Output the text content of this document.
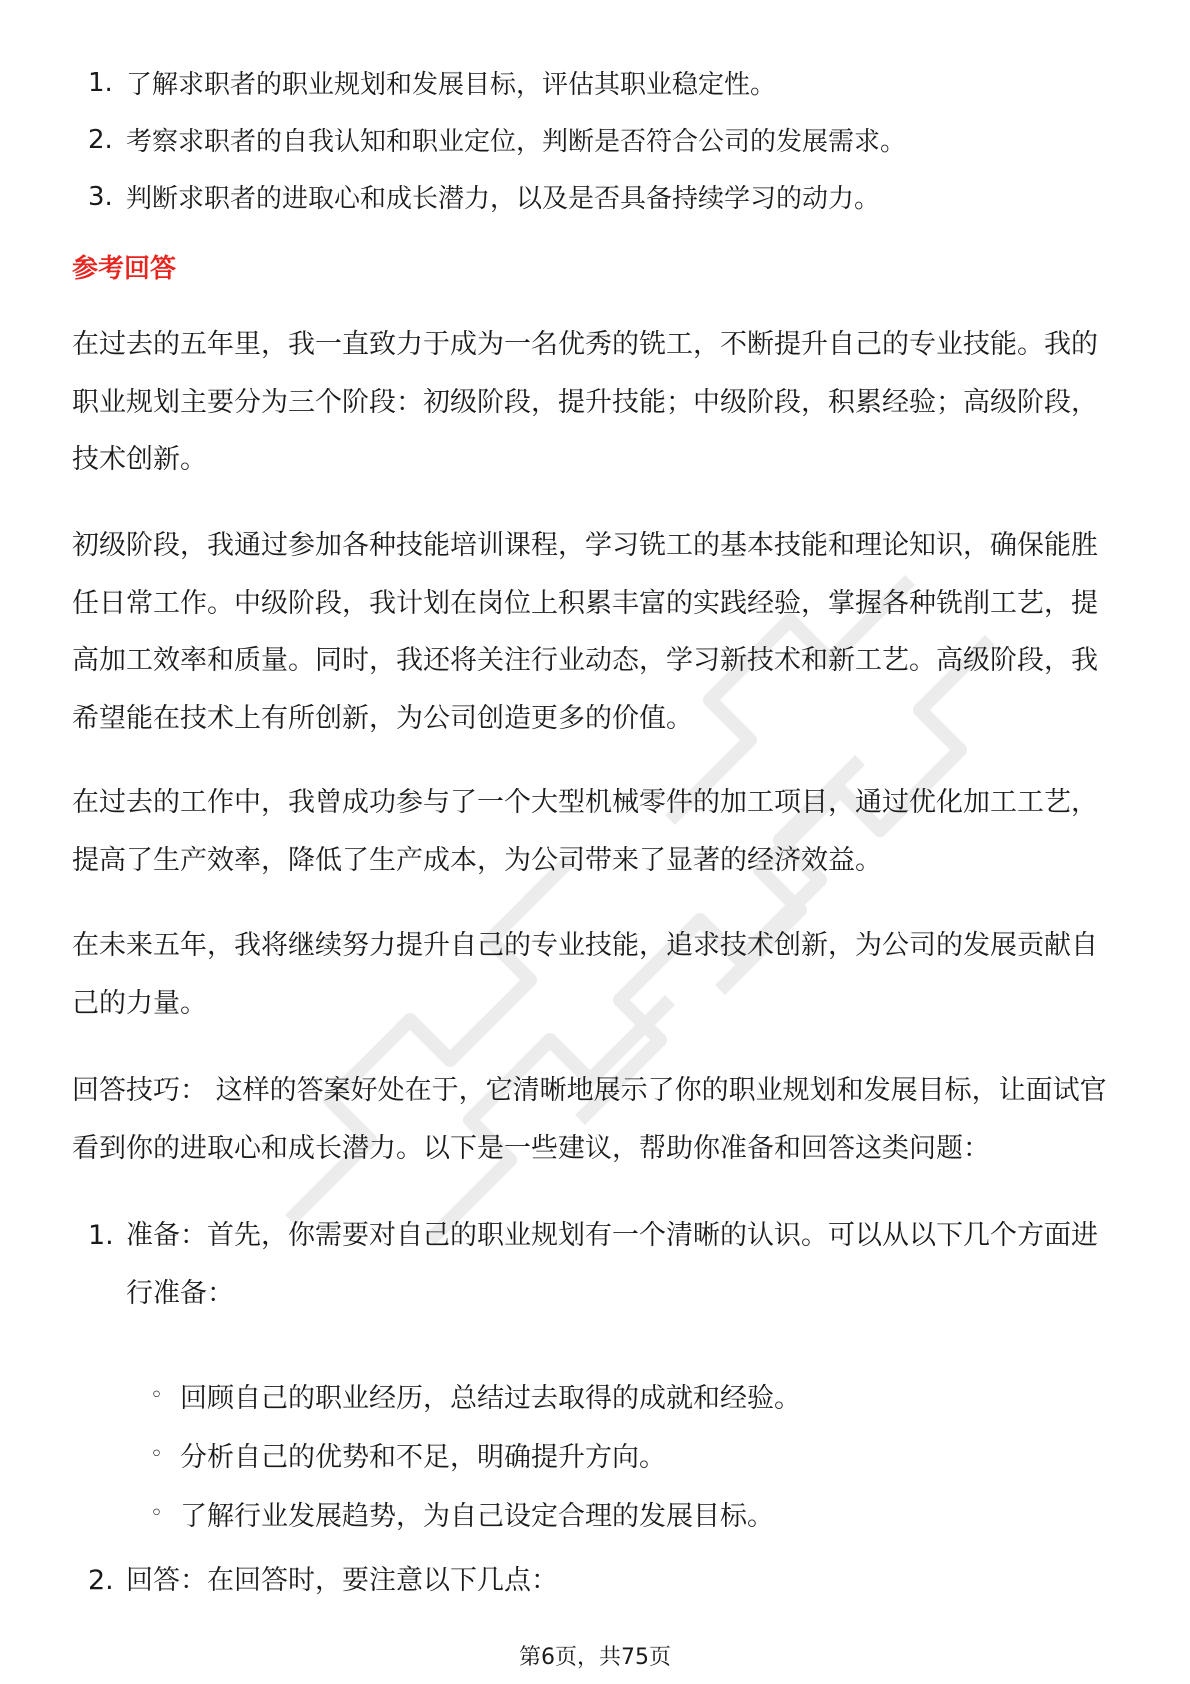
1. 了解求职者的职业规划和发展目标，评估其职业稳定性。
2. 考察求职者的自我认知和职业定位，判断是否符合公司的发展需求。
3. 判断求职者的进取心和成长潜力，以及是否具备持续学习的动力。
参考回答

在过去的五年里，我一直致力于成为一名优秀的铣工，不断提升自己的专业技能。我的职业规划主要分为三个阶段：初级阶段，提升技能；中级阶段，积累经验；高级阶段，技术创新。

初级阶段，我通过参加各种技能培训课程，学习铣工的基本技能和理论知识，确保能胜任日常工作。中级阶段，我计划在岗位上积累丰富的实践经验，掌握各种铣削工艺，提高加工效率和质量。同时，我还将关注行业动态，学习新技术和新工艺。高级阶段，我希望能在技术上有所创新，为公司创造更多的价值。

在过去的工作中，我曾成功参与了一个大型机械零件的加工项目，通过优化加工工艺，提高了生产效率，降低了生产成本，为公司带来了显著的经济效益。

在未来五年，我将继续努力提升自己的专业技能，追求技术创新，为公司的发展贡献自己的力量。

回答技巧： 这样的答案好处在于，它清晰地展示了你的职业规划和发展目标，让面试官看到你的进取心和成长潜力。以下是一些建议，帮助你准备和回答这类问题：

1. 准备：首先，你需要对自己的职业规划有一个清晰的认识。可以从以下几个方面进行准备：
◦ 回顾自己的职业经历，总结过去取得的成就和经验。
◦ 分析自己的优势和不足，明确提升方向。
◦ 了解行业发展趋势，为自己设定合理的发展目标。
2. 回答：在回答时，要注意以下几点：
第6页，共75页
